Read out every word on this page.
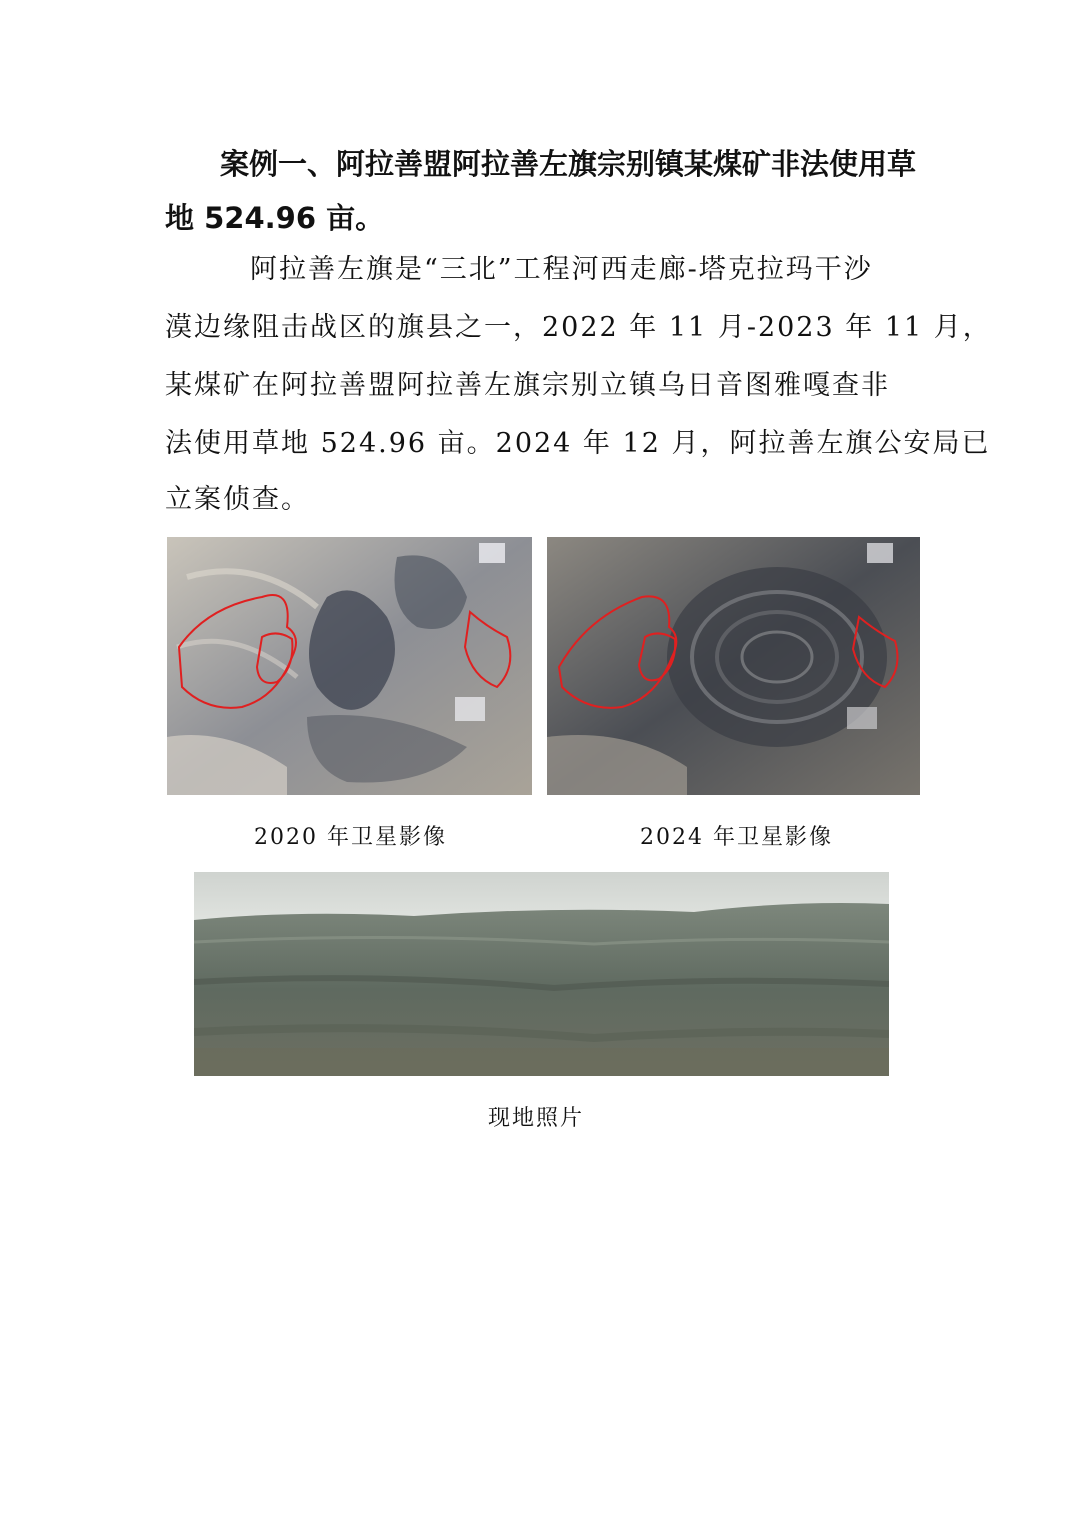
案例一、阿拉善盟阿拉善左旗宗别镇某煤矿非法使用草
地 524.96 亩。
阿拉善左旗是“三北”工程河西走廊-塔克拉玛干沙
漠边缘阻击战区的旗县之一，2022 年 11 月-2023 年 11 月，
某煤矿在阿拉善盟阿拉善左旗宗别立镇乌日音图雅嘎查非
法使用草地 524.96 亩。2024 年 12 月，阿拉善左旗公安局已
立案侦查。
2020 年卫星影像	2024 年卫星影像
现地照片
